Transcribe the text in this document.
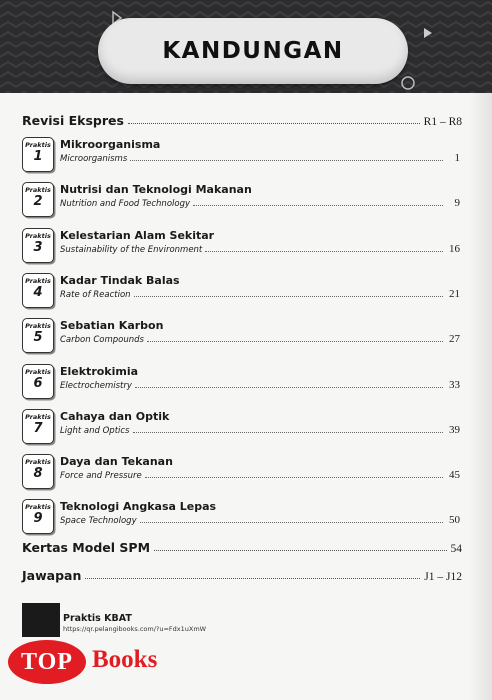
KANDUNGAN
Revisi Ekspres	R1 – R8
Praktis
1
Mikroorganisma
Microorganisms	1
Praktis
2
Nutrisi dan Teknologi Makanan
Nutrition and Food Technology	9
Praktis
3
Kelestarian Alam Sekitar
Sustainability of the Environment	16
Praktis
4
Kadar Tindak Balas
Rate of Reaction	21
Praktis
5
Sebatian Karbon
Carbon Compounds	27
Praktis
6
Elektrokimia
Electrochemistry	33
Praktis
7
Cahaya dan Optik
Light and Optics	39
Praktis
8
Daya dan Tekanan
Force and Pressure	45
Praktis
9
Teknologi Angkasa Lepas
Space Technology	50
Kertas Model SPM	54
Jawapan	J1 – J12
Praktis KBAT
https://qr.pelangibooks.com/?u=Fdx1uXmW
TOP Books
